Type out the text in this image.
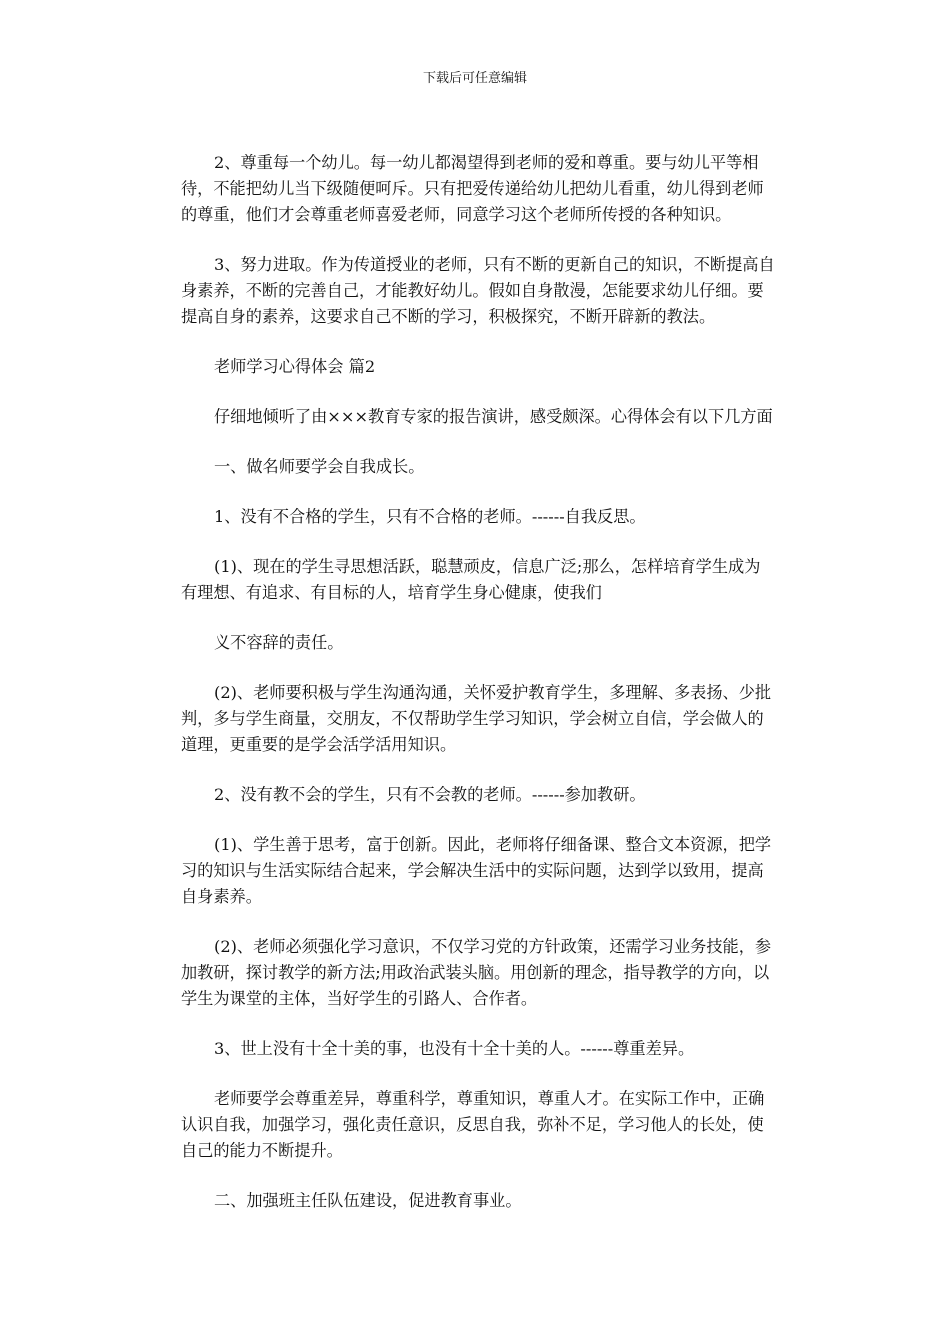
下载后可任意编辑

2、尊重每一个幼儿。每一幼儿都渴望得到老师的爱和尊重。要与幼儿平等相待，不能把幼儿当下级随便呵斥。只有把爱传递给幼儿把幼儿看重，幼儿得到老师的尊重，他们才会尊重老师喜爱老师，同意学习这个老师所传授的各种知识。

3、努力进取。作为传道授业的老师，只有不断的更新自己的知识，不断提高自身素养，不断的完善自己，才能教好幼儿。假如自身散漫，怎能要求幼儿仔细。要提高自身的素养，这要求自己不断的学习，积极探究，不断开辟新的教法。

老师学习心得体会 篇2

仔细地倾听了由×××教育专家的报告演讲，感受颇深。心得体会有以下几方面

一、做名师要学会自我成长。

1、没有不合格的学生，只有不合格的老师。------自我反思。

(1)、现在的学生寻思想活跃，聪慧顽皮，信息广泛;那么，怎样培育学生成为有理想、有追求、有目标的人，培育学生身心健康，使我们

义不容辞的责任。

(2)、老师要积极与学生沟通沟通，关怀爱护教育学生，多理解、多表扬、少批判，多与学生商量，交朋友，不仅帮助学生学习知识，学会树立自信，学会做人的道理，更重要的是学会活学活用知识。

2、没有教不会的学生，只有不会教的老师。------参加教研。

(1)、学生善于思考，富于创新。因此，老师将仔细备课、整合文本资源，把学习的知识与生活实际结合起来，学会解决生活中的实际问题，达到学以致用，提高自身素养。

(2)、老师必须强化学习意识，不仅学习党的方针政策，还需学习业务技能，参加教研，探讨教学的新方法;用政治武装头脑。用创新的理念，指导教学的方向，以学生为课堂的主体，当好学生的引路人、合作者。

3、世上没有十全十美的事，也没有十全十美的人。------尊重差异。

老师要学会尊重差异，尊重科学，尊重知识，尊重人才。在实际工作中，正确认识自我，加强学习，强化责任意识，反思自我，弥补不足，学习他人的长处，使自己的能力不断提升。

二、加强班主任队伍建设，促进教育事业。
